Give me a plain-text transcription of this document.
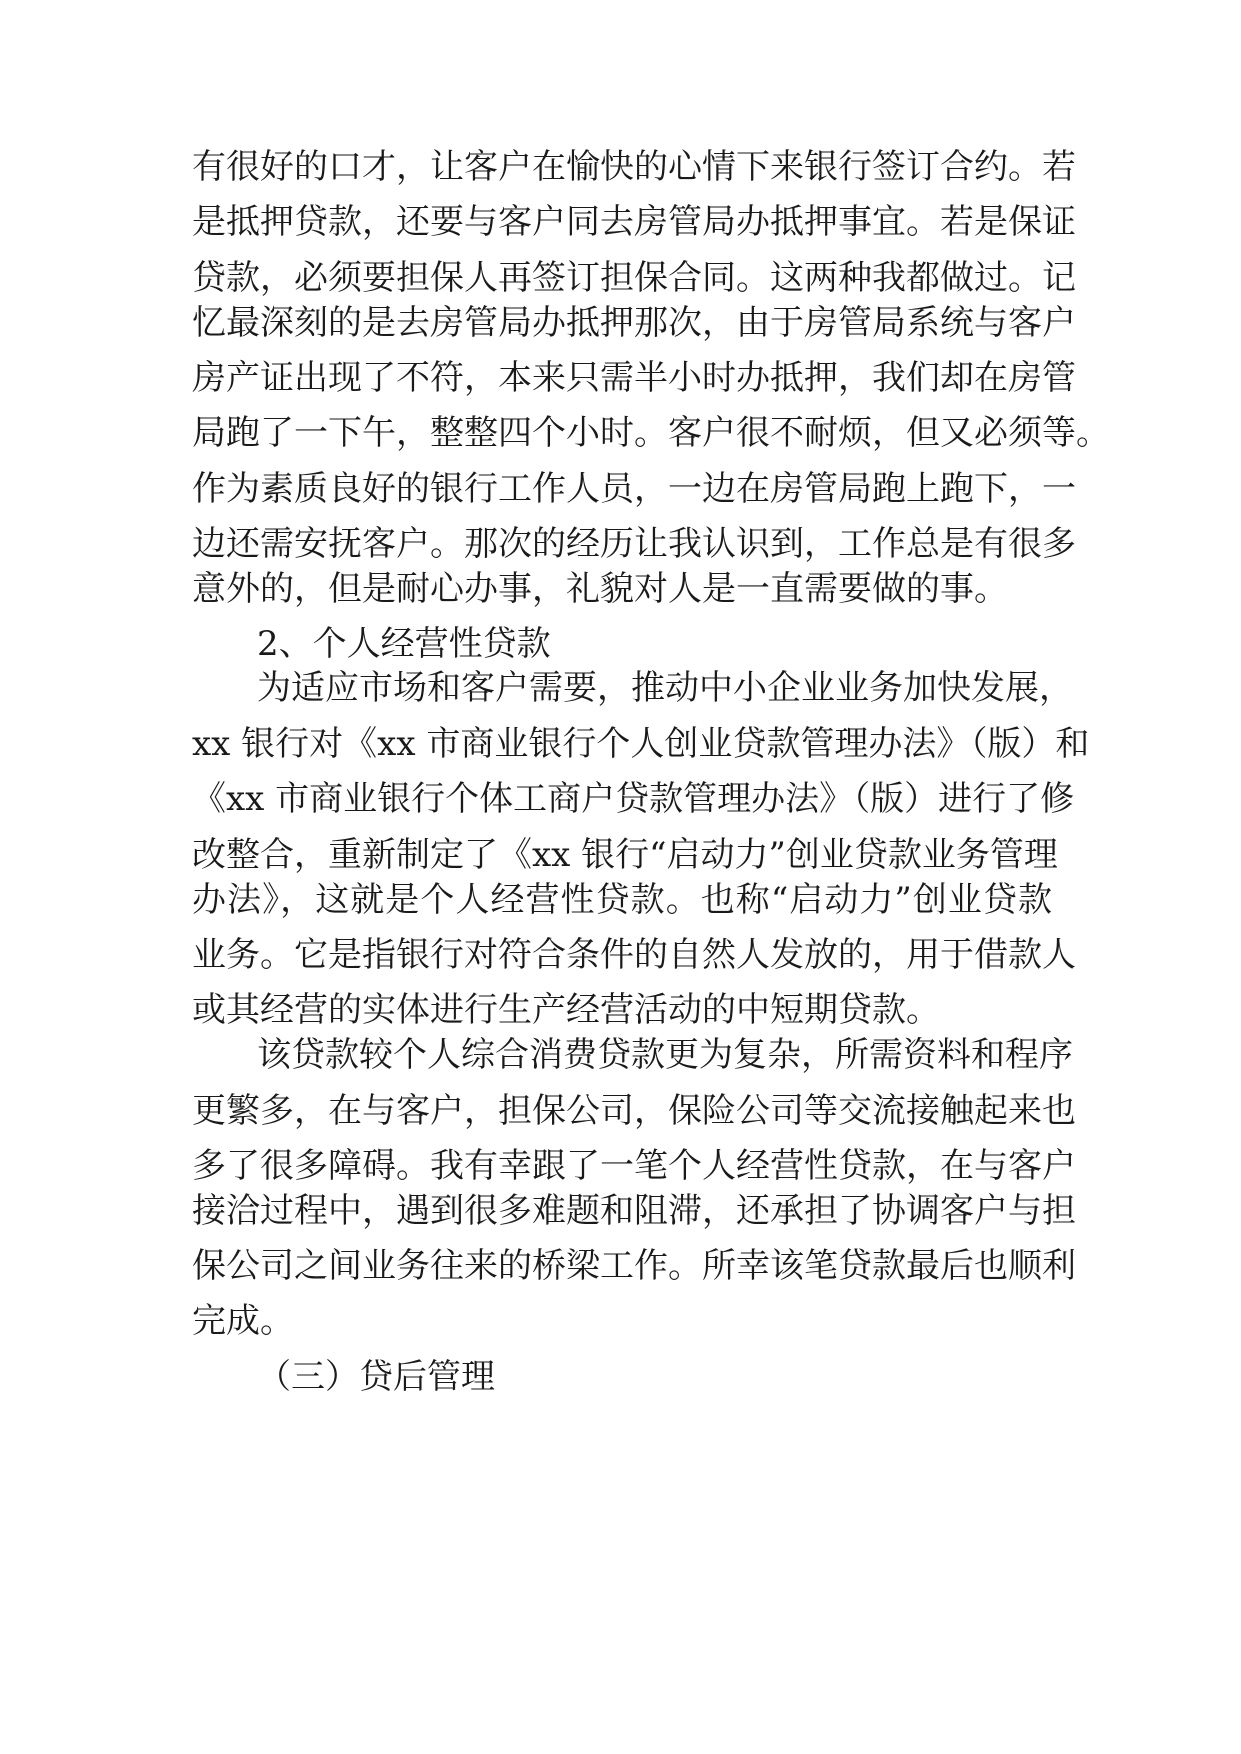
有很好的口才，让客户在愉快的心情下来银行签订合约。若
是抵押贷款，还要与客户同去房管局办抵押事宜。若是保证
贷款，必须要担保人再签订担保合同。这两种我都做过。记
忆最深刻的是去房管局办抵押那次，由于房管局系统与客户
房产证出现了不符，本来只需半小时办抵押，我们却在房管
局跑了一下午，整整四个小时。客户很不耐烦，但又必须等。
作为素质良好的银行工作人员，一边在房管局跑上跑下，一
边还需安抚客户。那次的经历让我认识到，工作总是有很多
意外的，但是耐心办事，礼貌对人是一直需要做的事。
2、个人经营性贷款
为适应市场和客户需要，推动中小企业业务加快发展，
xx 银行对《xx 市商业银行个人创业贷款管理办法》（版）和
《xx 市商业银行个体工商户贷款管理办法》（版）进行了修
改整合，重新制定了《xx 银行“启动力”创业贷款业务管理
办法》，这就是个人经营性贷款。也称“启动力”创业贷款
业务。它是指银行对符合条件的自然人发放的，用于借款人
或其经营的实体进行生产经营活动的中短期贷款。
该贷款较个人综合消费贷款更为复杂，所需资料和程序
更繁多，在与客户，担保公司，保险公司等交流接触起来也
多了很多障碍。我有幸跟了一笔个人经营性贷款，在与客户
接洽过程中，遇到很多难题和阻滞，还承担了协调客户与担
保公司之间业务往来的桥梁工作。所幸该笔贷款最后也顺利
完成。
（三）贷后管理
